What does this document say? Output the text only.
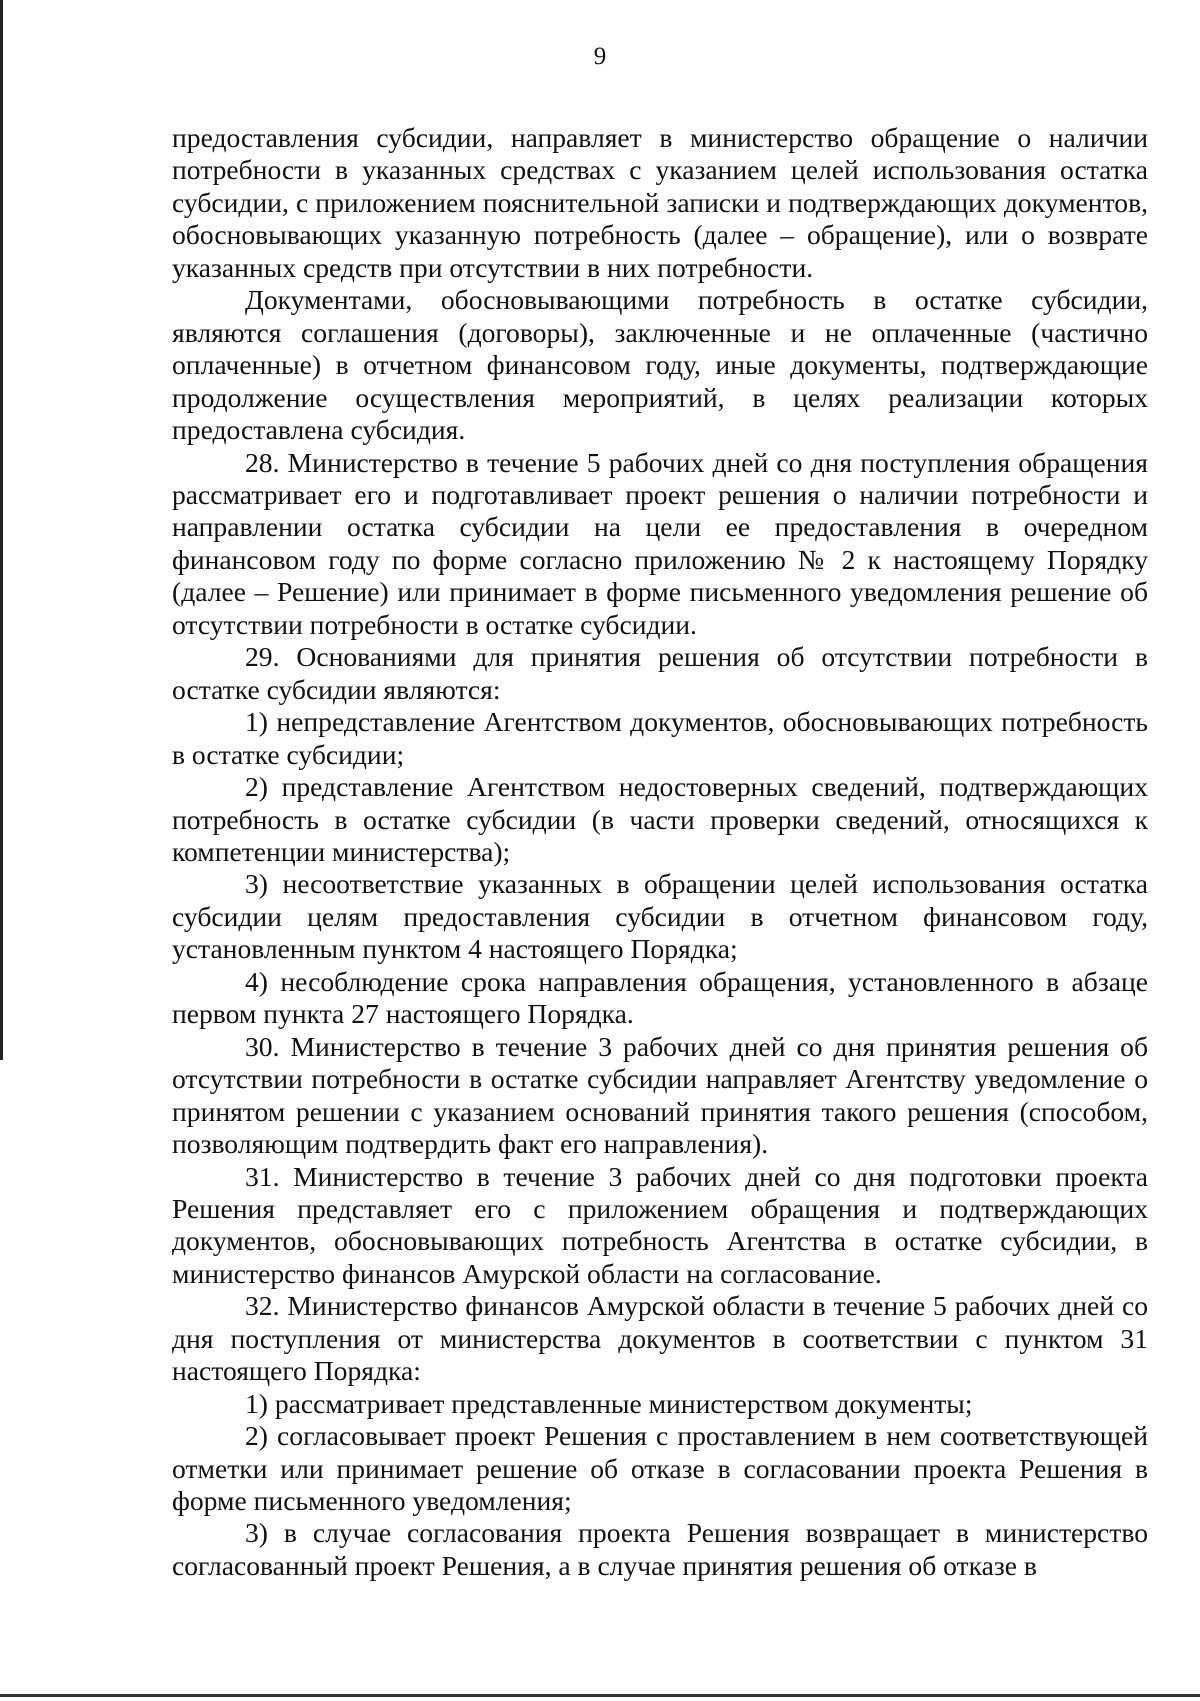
9

предоставления субсидии, направляет в министерство обращение о наличии потребности в указанных средствах с указанием целей использования остатка субсидии, с приложением пояснительной записки и подтверждающих документов, обосновывающих указанную потребность (далее – обращение), или о возврате указанных средств при отсутствии в них потребности.

Документами, обосновывающими потребность в остатке субсидии, являются соглашения (договоры), заключенные и не оплаченные (частично оплаченные) в отчетном финансовом году, иные документы, подтверждающие продолжение осуществления мероприятий, в целях реализации которых предоставлена субсидия.

28. Министерство в течение 5 рабочих дней со дня поступления обращения рассматривает его и подготавливает проект решения о наличии потребности и направлении остатка субсидии на цели ее предоставления в очередном финансовом году по форме согласно приложению № 2 к настоящему Порядку (далее – Решение) или принимает в форме письменного уведомления решение об отсутствии потребности в остатке субсидии.

29. Основаниями для принятия решения об отсутствии потребности в остатке субсидии являются:

1) непредставление Агентством документов, обосновывающих потребность в остатке субсидии;

2) представление Агентством недостоверных сведений, подтверждающих потребность в остатке субсидии (в части проверки сведений, относящихся к компетенции министерства);

3) несоответствие указанных в обращении целей использования остатка субсидии целям предоставления субсидии в отчетном финансовом году, установленным пунктом 4 настоящего Порядка;

4) несоблюдение срока направления обращения, установленного в абзаце первом пункта 27 настоящего Порядка.

30. Министерство в течение 3 рабочих дней со дня принятия решения об отсутствии потребности в остатке субсидии направляет Агентству уведомление о принятом решении с указанием оснований принятия такого решения (способом, позволяющим подтвердить факт его направления).

31. Министерство в течение 3 рабочих дней со дня подготовки проекта Решения представляет его с приложением обращения и подтверждающих документов, обосновывающих потребность Агентства в остатке субсидии, в министерство финансов Амурской области на согласование.

32. Министерство финансов Амурской области в течение 5 рабочих дней со дня поступления от министерства документов в соответствии с пунктом 31 настоящего Порядка:

1) рассматривает представленные министерством документы;

2) согласовывает проект Решения с проставлением в нем соответствующей отметки или принимает решение об отказе в согласовании проекта Решения в форме письменного уведомления;

3) в случае согласования проекта Решения возвращает в министерство согласованный проект Решения, а в случае принятия решения об отказе в
